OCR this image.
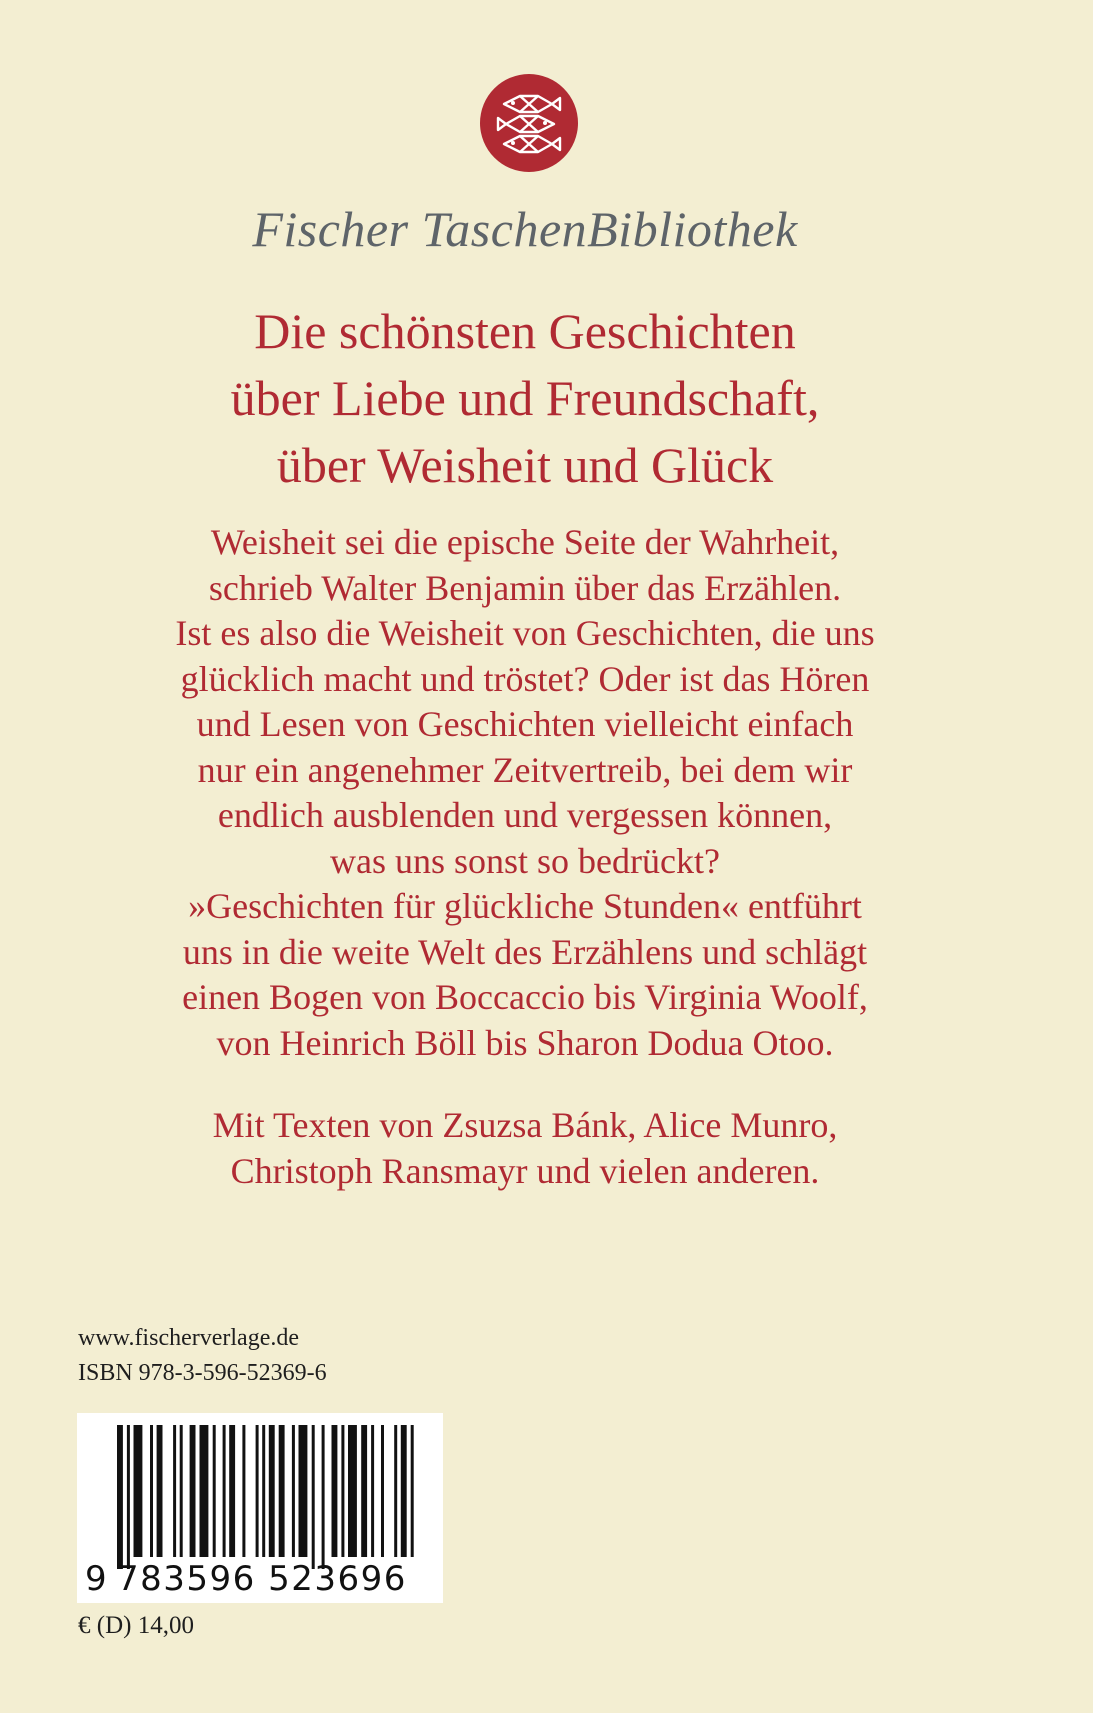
Fischer TaschenBibliothek

Die schönsten Geschichten
über Liebe und Freundschaft,
über Weisheit und Glück
Weisheit sei die epische Seite der Wahrheit,
schrieb Walter Benjamin über das Erzählen.
Ist es also die Weisheit von Geschichten, die uns
glücklich macht und tröstet? Oder ist das Hören
und Lesen von Geschichten vielleicht einfach
nur ein angenehmer Zeitvertreib, bei dem wir
endlich ausblenden und vergessen können,
was uns sonst so bedrückt?
»Geschichten für glückliche Stunden« entführt
uns in die weite Welt des Erzählens und schlägt
einen Bogen von Boccaccio bis Virginia Woolf,
von Heinrich Böll bis Sharon Dodua Otoo.
Mit Texten von Zsuzsa Bánk, Alice Munro,
Christoph Ransmayr und vielen anderen.
www.fischerverlage.de
ISBN 978-3-596-52369-6
9 783596 523696
€ (D) 14,00
